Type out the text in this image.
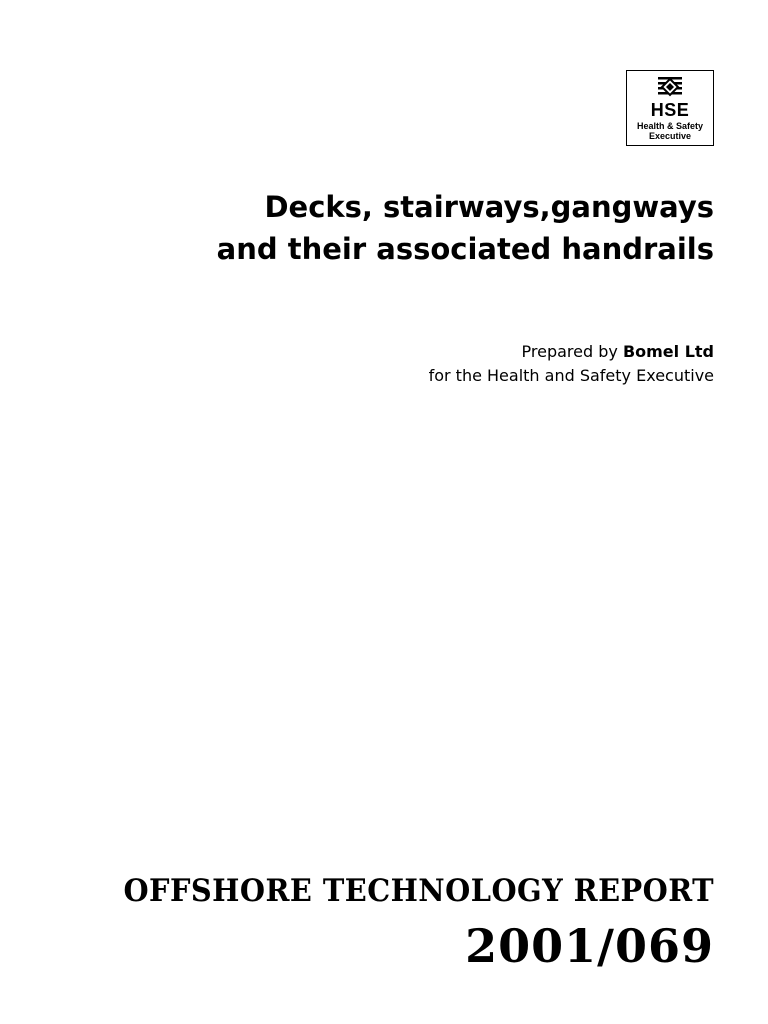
HSE
Health & Safety
Executive
Decks, stairways,gangways
and their associated handrails
Prepared by Bomel Ltd
for the Health and Safety Executive
OFFSHORE TECHNOLOGY REPORT
2001/069
